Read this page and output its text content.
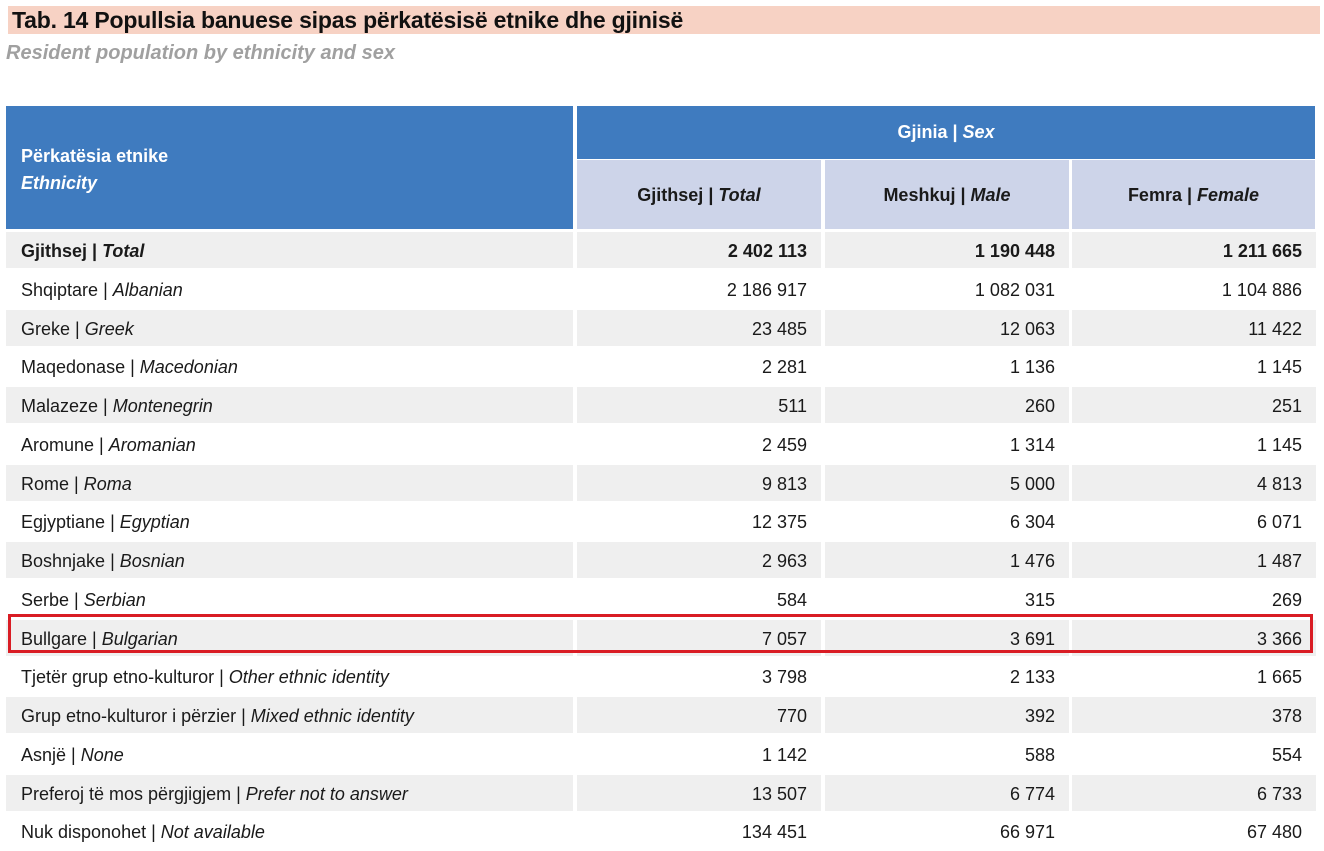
Tab. 14 Popullsia banuese sipas përkatësisë etnike dhe gjinisë
Resident population by ethnicity and sex
Përkatësia etnike
Ethnicity
Gjinia | Sex
Gjithsej | Total	Meshkuj | Male	Femra | Female
Gjithsej | Total	2 402 113	1 190 448	1 211 665
Shqiptare | Albanian	2 186 917	1 082 031	1 104 886
Greke | Greek	23 485	12 063	11 422
Maqedonase | Macedonian	2 281	1 136	1 145
Malazeze | Montenegrin	511	260	251
Aromune | Aromanian	2 459	1 314	1 145
Rome | Roma	9 813	5 000	4 813
Egjyptiane | Egyptian	12 375	6 304	6 071
Boshnjake | Bosnian	2 963	1 476	1 487
Serbe | Serbian	584	315	269
Bullgare | Bulgarian	7 057	3 691	3 366
Tjetër grup etno-kulturor | Other ethnic identity	3 798	2 133	1 665
Grup etno-kulturor i përzier | Mixed ethnic identity	770	392	378
Asnjë | None	1 142	588	554
Preferoj të mos përgjigjem | Prefer not to answer	13 507	6 774	6 733
Nuk disponohet | Not available	134 451	66 971	67 480
